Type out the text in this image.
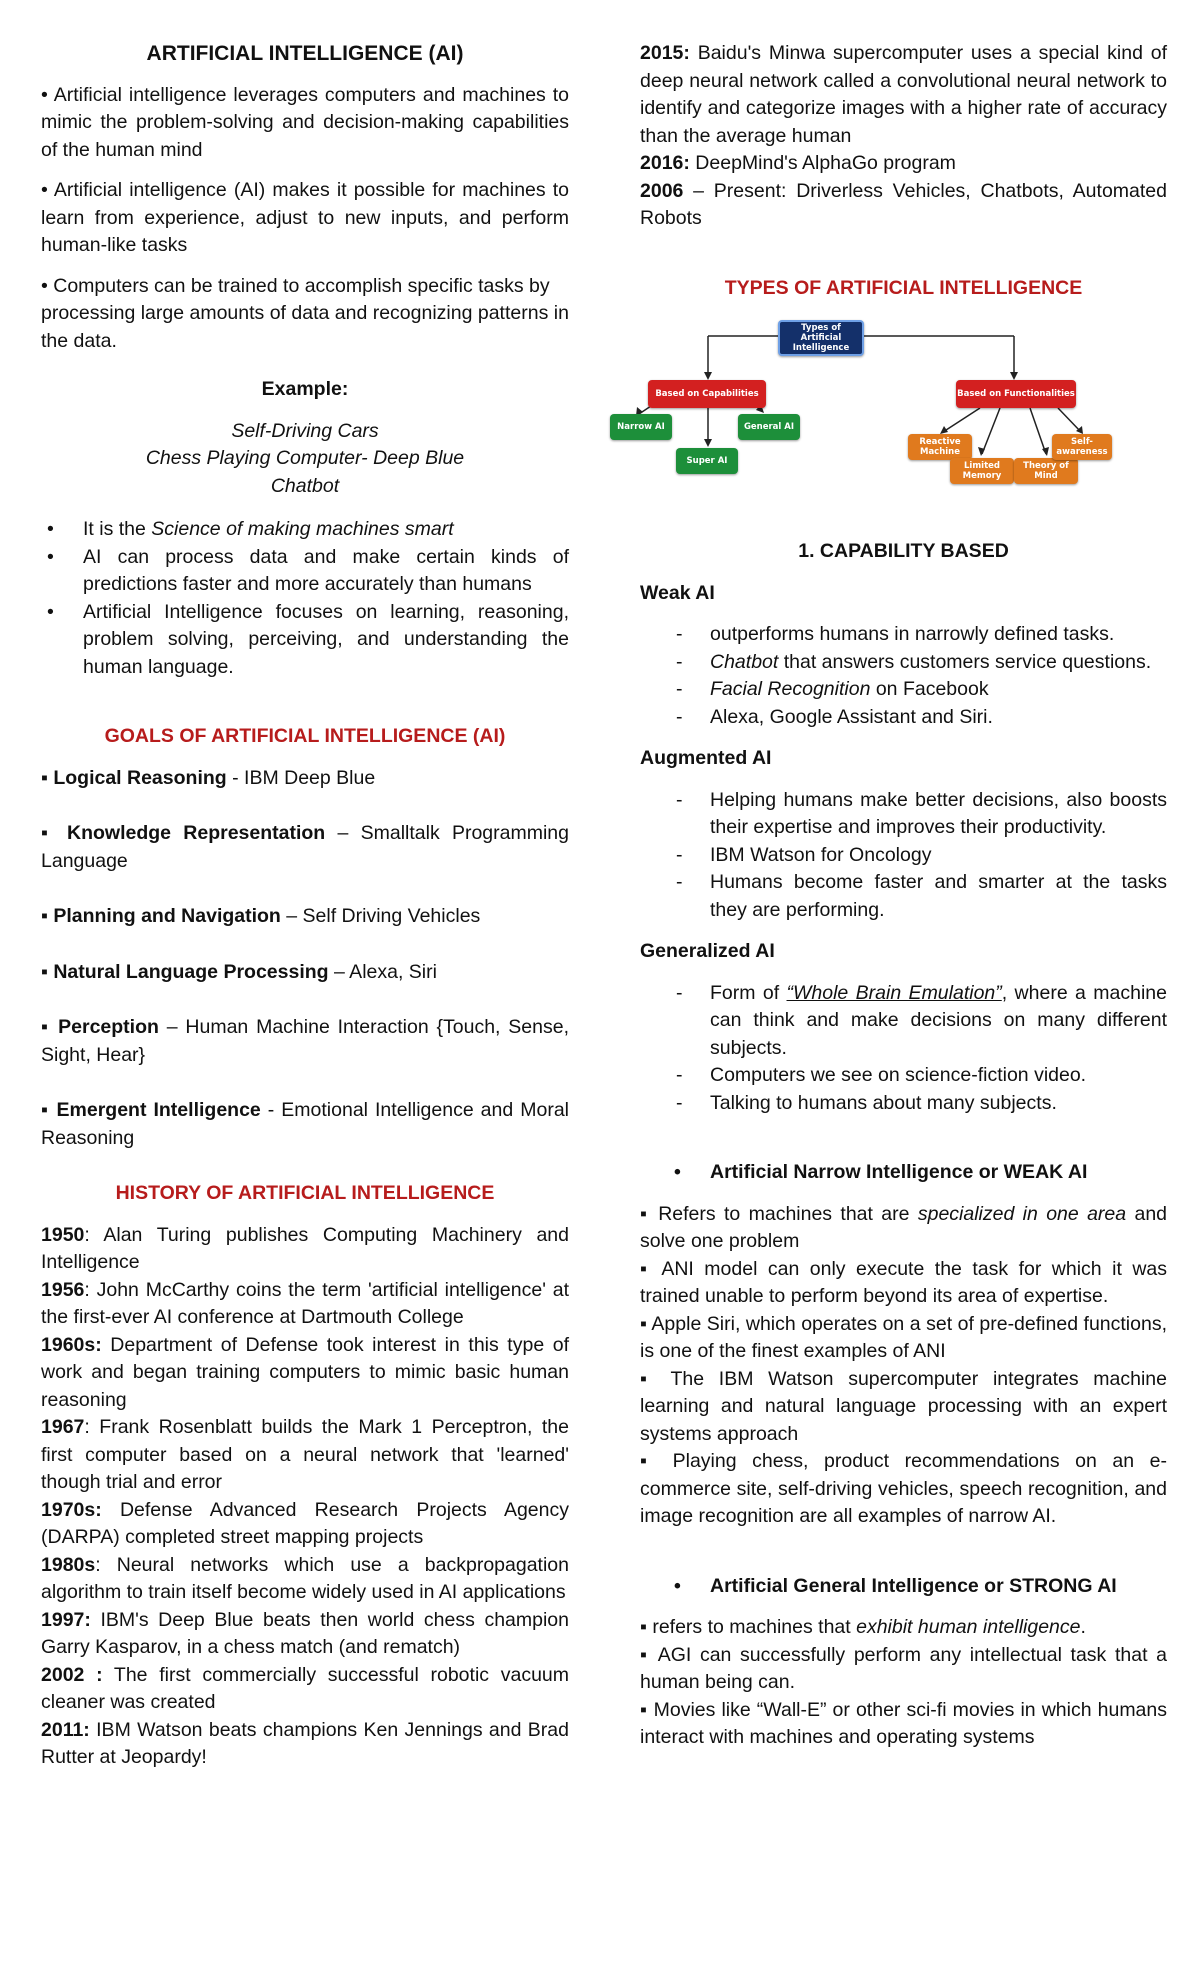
ARTIFICIAL INTELLIGENCE (AI)

• Artificial intelligence leverages computers and machines to mimic the problem-solving and decision-making capabilities of the human mind

• Artificial intelligence (AI) makes it possible for machines to learn from experience, adjust to new inputs, and perform human-like tasks

• Computers can be trained to accomplish specific tasks by processing large amounts of data and recognizing patterns in the data.

Example:

Self-Driving Cars

Chess Playing Computer- Deep Blue

Chatbot

• It is the Science of making machines smart
• AI can process data and make certain kinds of predictions faster and more accurately than humans
• Artificial Intelligence focuses on learning, reasoning, problem solving, perceiving, and understanding the human language.

GOALS OF ARTIFICIAL INTELLIGENCE (AI)

▪ Logical Reasoning - IBM Deep Blue

▪ Knowledge Representation – Smalltalk Programming Language

▪ Planning and Navigation – Self Driving Vehicles

▪ Natural Language Processing – Alexa, Siri

▪ Perception – Human Machine Interaction {Touch, Sense, Sight, Hear}

▪ Emergent Intelligence - Emotional Intelligence and Moral Reasoning

HISTORY OF ARTIFICIAL INTELLIGENCE

1950: Alan Turing publishes Computing Machinery and Intelligence

1956: John McCarthy coins the term 'artificial intelligence' at the first-ever AI conference at Dartmouth College

1960s: Department of Defense took interest in this type of work and began training computers to mimic basic human reasoning

1967: Frank Rosenblatt builds the Mark 1 Perceptron, the first computer based on a neural network that 'learned' though trial and error

1970s: Defense Advanced Research Projects Agency (DARPA) completed street mapping projects

1980s: Neural networks which use a backpropagation algorithm to train itself become widely used in AI applications

1997: IBM's Deep Blue beats then world chess champion Garry Kasparov, in a chess match (and rematch)

2002 : The first commercially successful robotic vacuum cleaner was created

2011: IBM Watson beats champions Ken Jennings and Brad Rutter at Jeopardy!

2015: Baidu's Minwa supercomputer uses a special kind of deep neural network called a convolutional neural network to identify and categorize images with a higher rate of accuracy than the average human

2016: DeepMind's AlphaGo program

2006 – Present: Driverless Vehicles, Chatbots, Automated Robots

TYPES OF ARTIFICIAL INTELLIGENCE

Types of Artificial Intelligence
Based on Capabilities	Based on Functionalities
Narrow AI	General AI
Super AI
Reactive Machine
Limited Memory
Theory of Mind
Self-awareness

1. CAPABILITY BASED

Weak AI

- outperforms humans in narrowly defined tasks.
- Chatbot that answers customers service questions.
- Facial Recognition on Facebook
- Alexa, Google Assistant and Siri.

Augmented AI

- Helping humans make better decisions, also boosts their expertise and improves their productivity.
- IBM Watson for Oncology
- Humans become faster and smarter at the tasks they are performing.

Generalized AI

- Form of “Whole Brain Emulation”, where a machine can think and make decisions on many different subjects.
- Computers we see on science-fiction video.
- Talking to humans about many subjects.

• Artificial Narrow Intelligence or WEAK AI

▪ Refers to machines that are specialized in one area and solve one problem

▪ ANI model can only execute the task for which it was trained unable to perform beyond its area of expertise.

▪ Apple Siri, which operates on a set of pre-defined functions, is one of the finest examples of ANI

▪ The IBM Watson supercomputer integrates machine learning and natural language processing with an expert systems approach

▪ Playing chess, product recommendations on an e-commerce site, self-driving vehicles, speech recognition, and image recognition are all examples of narrow AI.

• Artificial General Intelligence or STRONG AI

▪ refers to machines that exhibit human intelligence.

▪ AGI can successfully perform any intellectual task that a human being can.

▪ Movies like “Wall-E” or other sci-fi movies in which humans interact with machines and operating systems
